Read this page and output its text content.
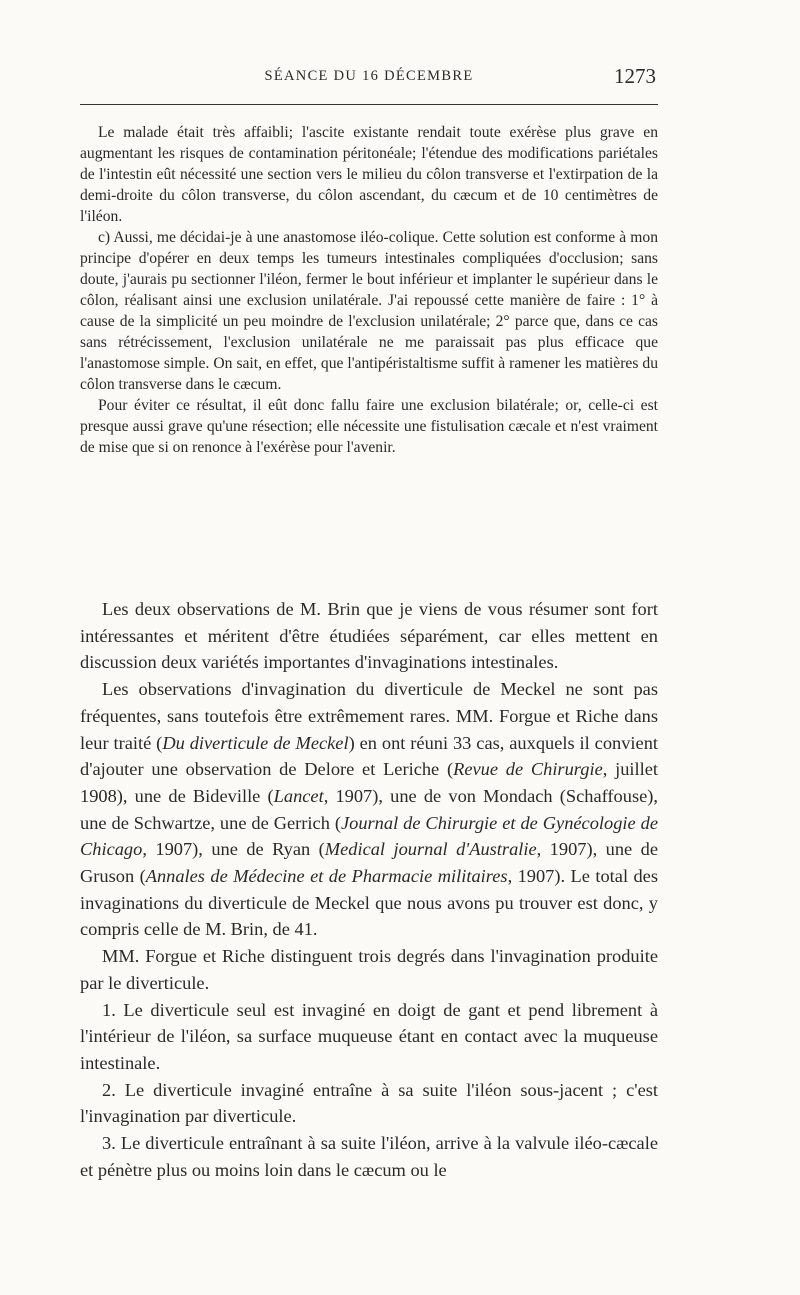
SÉANCE DU 16 DÉCEMBRE	1273

Le malade était très affaibli; l'ascite existante rendait toute exérèse plus grave en augmentant les risques de contamination péritonéale; l'étendue des modifications pariétales de l'intestin eût nécessité une section vers le milieu du côlon transverse et l'extirpation de la demi-droite du côlon transverse, du côlon ascendant, du cæcum et de 10 centimètres de l'iléon.

c) Aussi, me décidai-je à une anastomose iléo-colique. Cette solution est conforme à mon principe d'opérer en deux temps les tumeurs intestinales compliquées d'occlusion; sans doute, j'aurais pu sectionner l'iléon, fermer le bout inférieur et implanter le supérieur dans le côlon, réalisant ainsi une exclusion unilatérale. J'ai repoussé cette manière de faire : 1° à cause de la simplicité un peu moindre de l'exclusion unilatérale; 2° parce que, dans ce cas sans rétrécissement, l'exclusion unilatérale ne me paraissait pas plus efficace que l'anastomose simple. On sait, en effet, que l'antipéristaltisme suffit à ramener les matières du côlon transverse dans le cæcum.

Pour éviter ce résultat, il eût donc fallu faire une exclusion bilatérale; or, celle-ci est presque aussi grave qu'une résection; elle nécessite une fistulisation cæcale et n'est vraiment de mise que si on renonce à l'exérèse pour l'avenir.

Les deux observations de M. Brin que je viens de vous résumer sont fort intéressantes et méritent d'être étudiées séparément, car elles mettent en discussion deux variétés importantes d'invaginations intestinales.

Les observations d'invagination du diverticule de Meckel ne sont pas fréquentes, sans toutefois être extrêmement rares. MM. Forgue et Riche dans leur traité (Du diverticule de Meckel) en ont réuni 33 cas, auxquels il convient d'ajouter une observation de Delore et Leriche (Revue de Chirurgie, juillet 1908), une de Bideville (Lancet, 1907), une de von Mondach (Schaffouse), une de Schwartze, une de Gerrich (Journal de Chirurgie et de Gynécologie de Chicago, 1907), une de Ryan (Medical journal d'Australie, 1907), une de Gruson (Annales de Médecine et de Pharmacie militaires, 1907). Le total des invaginations du diverticule de Meckel que nous avons pu trouver est donc, y compris celle de M. Brin, de 41.

MM. Forgue et Riche distinguent trois degrés dans l'invagination produite par le diverticule.

1. Le diverticule seul est invaginé en doigt de gant et pend librement à l'intérieur de l'iléon, sa surface muqueuse étant en contact avec la muqueuse intestinale.

2. Le diverticule invaginé entraîne à sa suite l'iléon sous-jacent ; c'est l'invagination par diverticule.

3. Le diverticule entraînant à sa suite l'iléon, arrive à la valvule iléo-cæcale et pénètre plus ou moins loin dans le cæcum ou le
